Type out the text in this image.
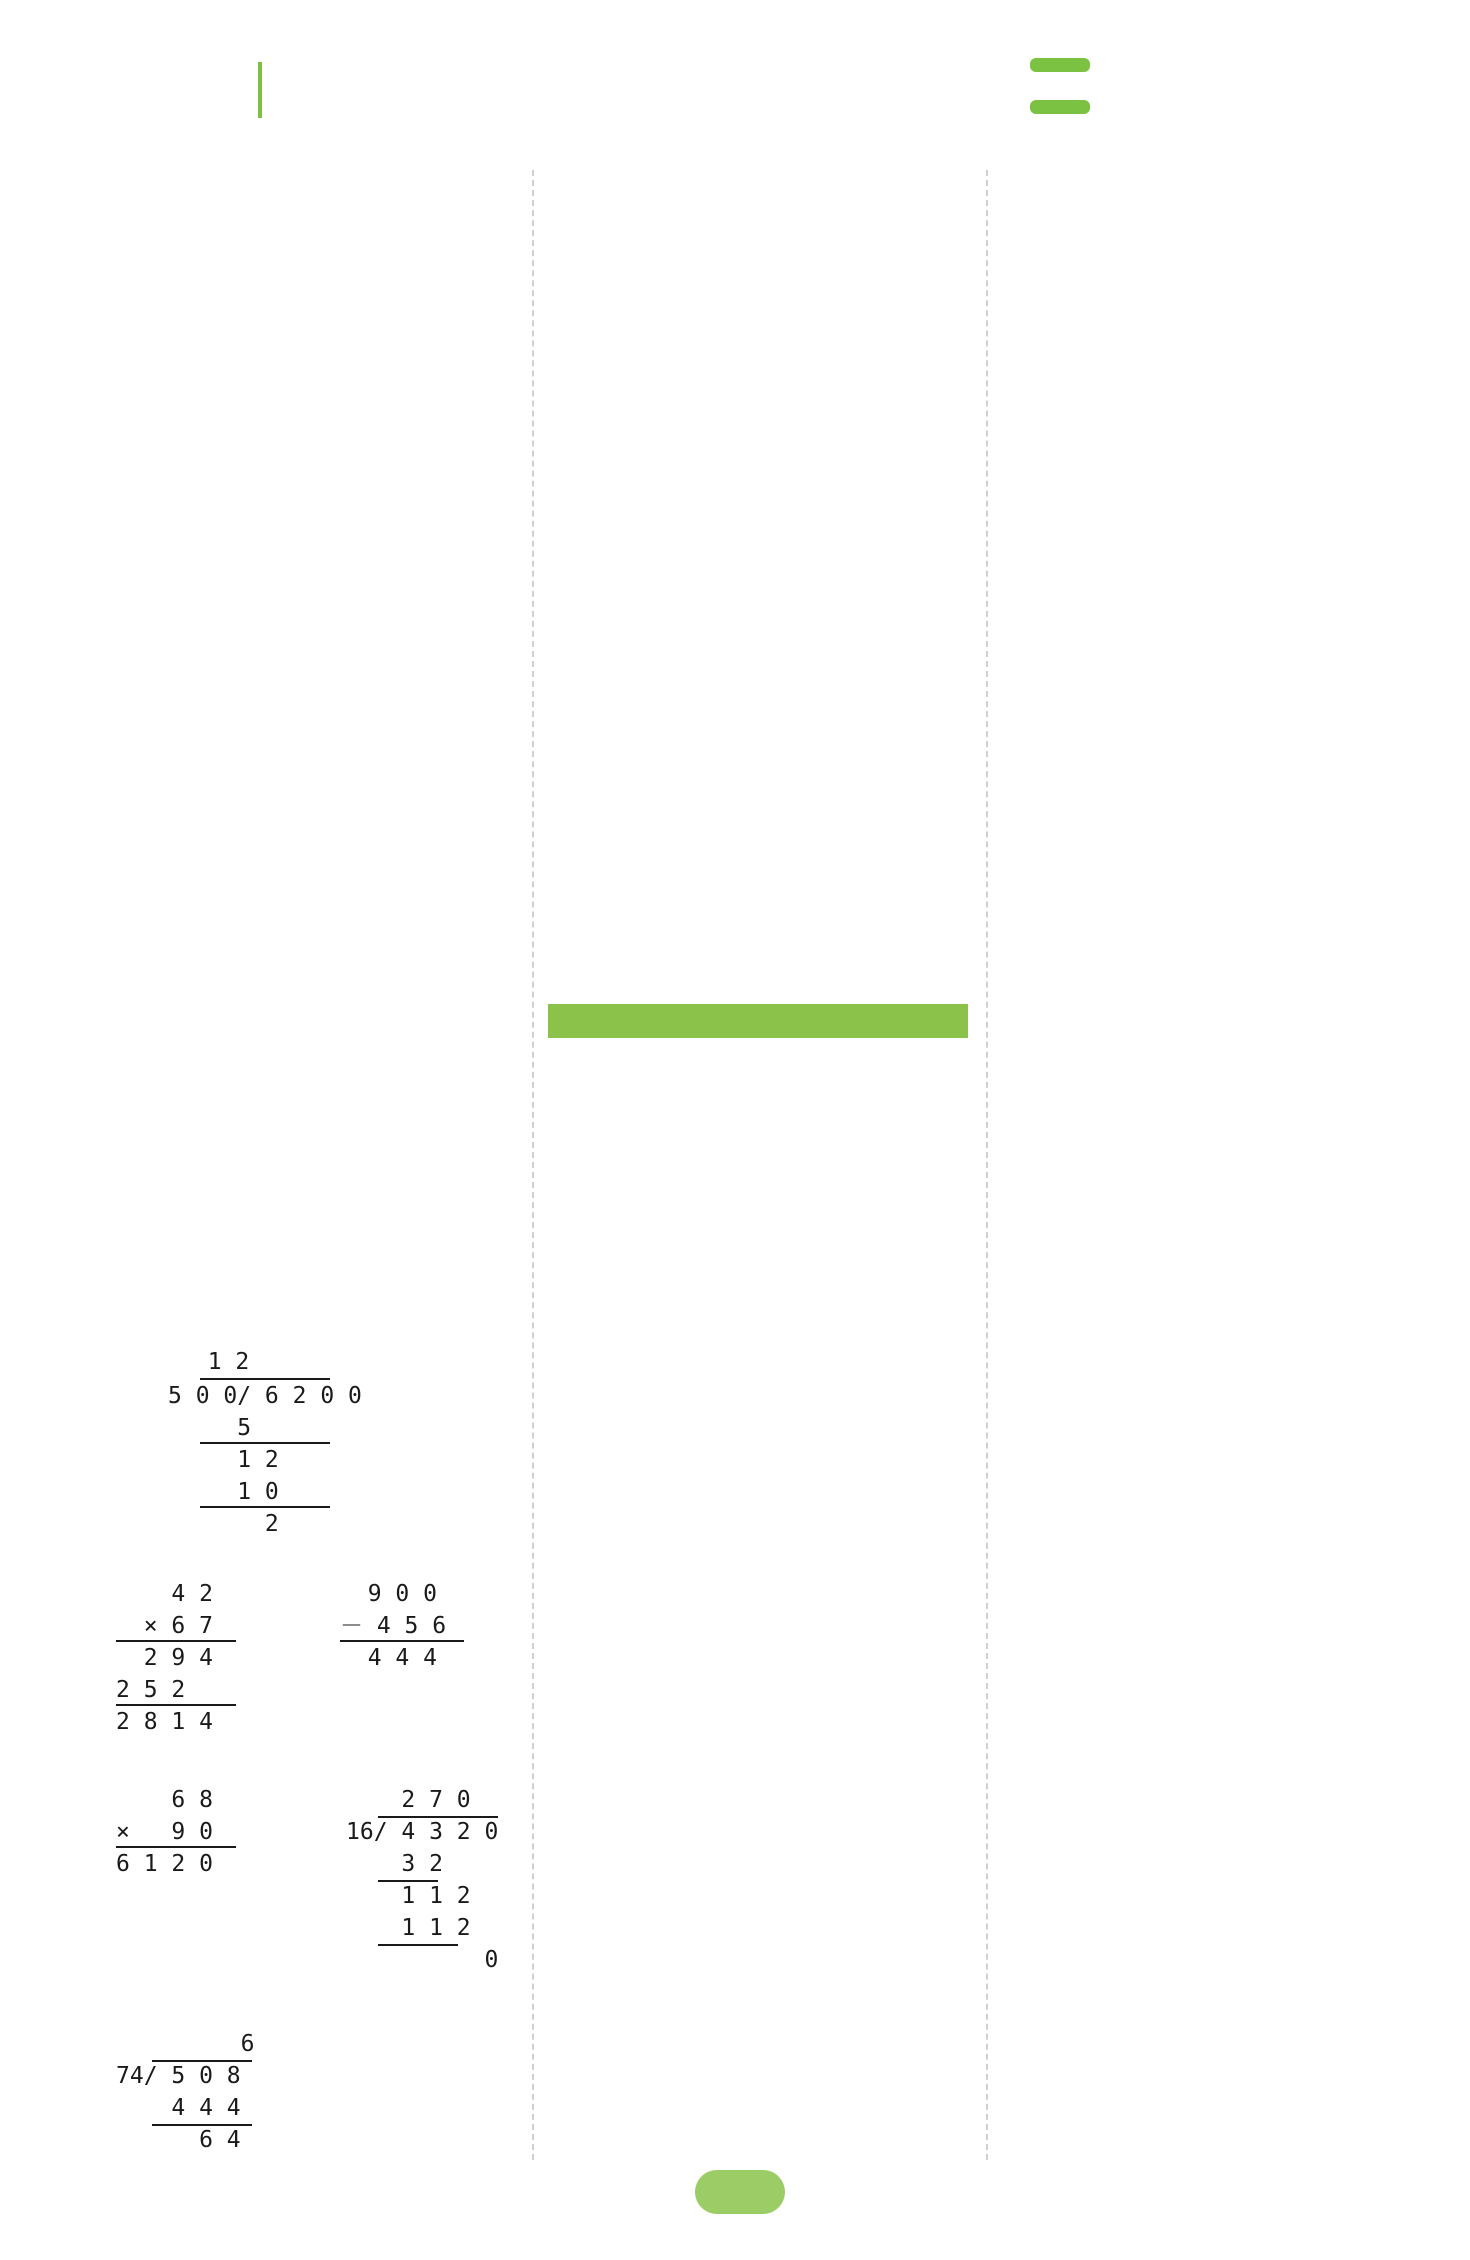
1 2

5 0 0/ 6 2 0 0
5
1 2
1 0
2
4 2
× 6 7
2 9 4
2 5 2
2 8 1 4
9 0 0
－ 4 5 6
4 4 4
6 8
×   9 0
6 1 2 0
2 7 0
16/ 4 3 2 0
3 2
1 1 2
1 1 2
0
6
74/ 5 0 8
4 4 4
6 4
